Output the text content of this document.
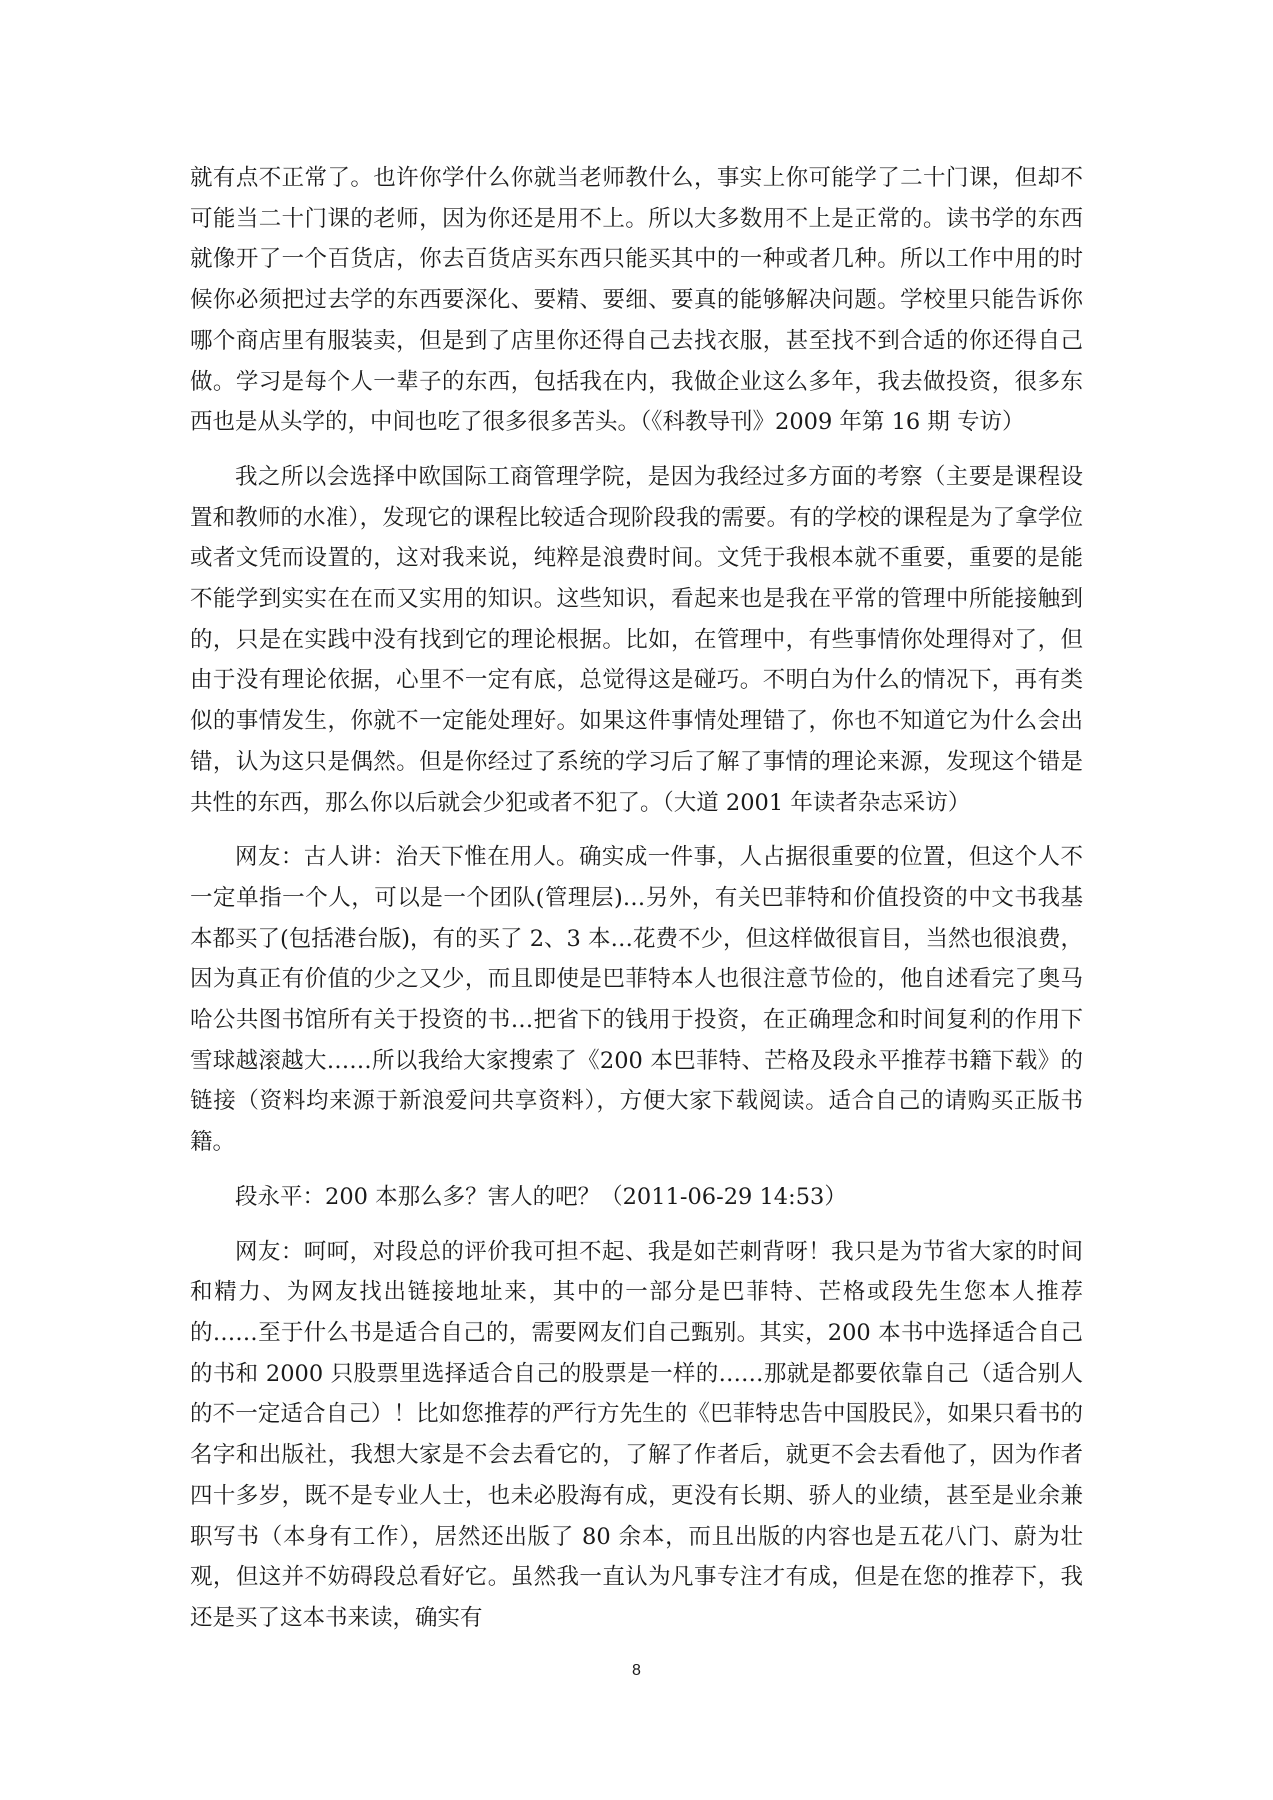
就有点不正常了。也许你学什么你就当老师教什么，事实上你可能学了二十门课，但却不可能当二十门课的老师，因为你还是用不上。所以大多数用不上是正常的。读书学的东西就像开了一个百货店，你去百货店买东西只能买其中的一种或者几种。所以工作中用的时候你必须把过去学的东西要深化、要精、要细、要真的能够解决问题。学校里只能告诉你哪个商店里有服装卖，但是到了店里你还得自己去找衣服，甚至找不到合适的你还得自己做。学习是每个人一辈子的东西，包括我在内，我做企业这么多年，我去做投资，很多东西也是从头学的，中间也吃了很多很多苦头。（《科教导刊》2009 年第 16 期 专访）

我之所以会选择中欧国际工商管理学院，是因为我经过多方面的考察（主要是课程设置和教师的水准），发现它的课程比较适合现阶段我的需要。有的学校的课程是为了拿学位或者文凭而设置的，这对我来说，纯粹是浪费时间。文凭于我根本就不重要，重要的是能不能学到实实在在而又实用的知识。这些知识，看起来也是我在平常的管理中所能接触到的，只是在实践中没有找到它的理论根据。比如，在管理中，有些事情你处理得对了，但由于没有理论依据，心里不一定有底，总觉得这是碰巧。不明白为什么的情况下，再有类似的事情发生，你就不一定能处理好。如果这件事情处理错了，你也不知道它为什么会出错，认为这只是偶然。但是你经过了系统的学习后了解了事情的理论来源，发现这个错是共性的东西，那么你以后就会少犯或者不犯了。（大道 2001 年读者杂志采访）

网友：古人讲：治天下惟在用人。确实成一件事，人占据很重要的位置，但这个人不一定单指一个人，可以是一个团队(管理层)…另外，有关巴菲特和价值投资的中文书我基本都买了(包括港台版)，有的买了 2、3 本…花费不少，但这样做很盲目，当然也很浪费，因为真正有价值的少之又少，而且即使是巴菲特本人也很注意节俭的，他自述看完了奥马哈公共图书馆所有关于投资的书…把省下的钱用于投资，在正确理念和时间复利的作用下雪球越滚越大……所以我给大家搜索了《200 本巴菲特、芒格及段永平推荐书籍下载》的链接（资料均来源于新浪爱问共享资料），方便大家下载阅读。适合自己的请购买正版书籍。

段永平：200 本那么多？害人的吧？（2011-06-29 14:53）

网友：呵呵，对段总的评价我可担不起、我是如芒刺背呀！我只是为节省大家的时间和精力、为网友找出链接地址来，其中的一部分是巴菲特、芒格或段先生您本人推荐的……至于什么书是适合自己的，需要网友们自己甄别。其实，200 本书中选择适合自己的书和 2000 只股票里选择适合自己的股票是一样的……那就是都要依靠自己（适合别人的不一定适合自己）！比如您推荐的严行方先生的《巴菲特忠告中国股民》，如果只看书的名字和出版社，我想大家是不会去看它的，了解了作者后，就更不会去看他了，因为作者四十多岁，既不是专业人士，也未必股海有成，更没有长期、骄人的业绩，甚至是业余兼职写书（本身有工作），居然还出版了 80 余本，而且出版的内容也是五花八门、蔚为壮观，但这并不妨碍段总看好它。虽然我一直认为凡事专注才有成，但是在您的推荐下，我还是买了这本书来读，确实有

8
